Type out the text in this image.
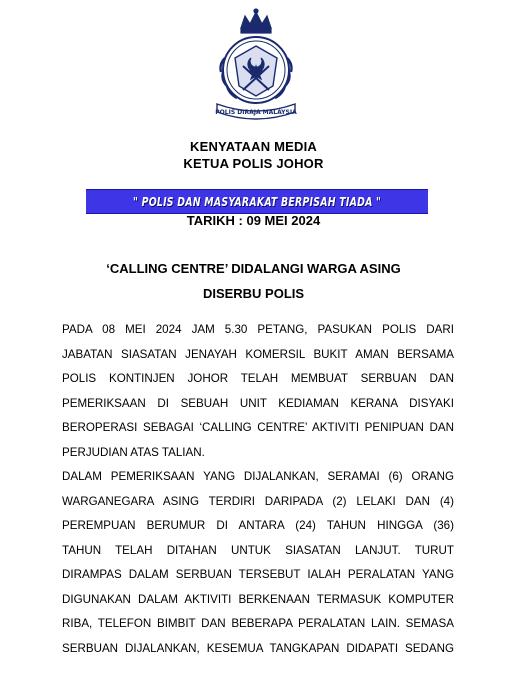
POLIS DIRAJA MALAYSIA
KENYATAAN MEDIA
KETUA POLIS JOHOR
" POLIS DAN MASYARAKAT BERPISAH TIADA "
TARIKH : 09 MEI 2024
‘CALLING CENTRE’ DIDALANGI WARGA ASING
DISERBU POLIS
PADA 08 MEI 2024 JAM 5.30 PETANG, PASUKAN POLIS DARI
JABATAN SIASATAN JENAYAH KOMERSIL BUKIT AMAN BERSAMA
POLIS KONTINJEN JOHOR TELAH MEMBUAT SERBUAN DAN
PEMERIKSAAN DI SEBUAH UNIT KEDIAMAN KERANA DISYAKI
BEROPERASI SEBAGAI ‘CALLING CENTRE’ AKTIVITI PENIPUAN DAN
PERJUDIAN ATAS TALIAN.
DALAM PEMERIKSAAN YANG DIJALANKAN, SERAMAI (6) ORANG
WARGANEGARA ASING TERDIRI DARIPADA (2) LELAKI DAN (4)
PEREMPUAN BERUMUR DI ANTARA (24) TAHUN HINGGA (36)
TAHUN TELAH DITAHAN UNTUK SIASATAN LANJUT. TURUT
DIRAMPAS DALAM SERBUAN TERSEBUT IALAH PERALATAN YANG
DIGUNAKAN DALAM AKTIVITI BERKENAAN TERMASUK KOMPUTER
RIBA, TELEFON BIMBIT DAN BEBERAPA PERALATAN LAIN. SEMASA
SERBUAN DIJALANKAN, KESEMUA TANGKAPAN DIDAPATI SEDANG
